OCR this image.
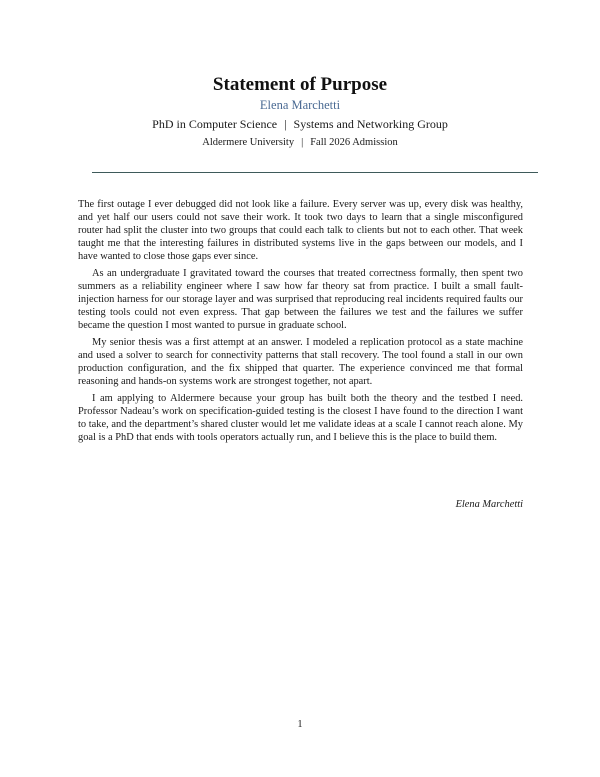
Statement of Purpose
Elena Marchetti
PhD in Computer Science | Systems and Networking Group
Aldermere University | Fall 2026 Admission

The first outage I ever debugged did not look like a failure. Every server was up, every disk was healthy, and yet half our users could not save their work. It took two days to learn that a single misconfigured router had split the cluster into two groups that could each talk to clients but not to each other. That week taught me that the interesting failures in distributed systems live in the gaps between our models, and I have wanted to close those gaps ever since.

As an undergraduate I gravitated toward the courses that treated correctness formally, then spent two summers as a reliability engineer where I saw how far theory sat from practice. I built a small fault-injection harness for our storage layer and was surprised that reproducing real incidents required faults our testing tools could not even express. That gap between the failures we test and the failures we suffer became the question I most wanted to pursue in graduate school.

My senior thesis was a first attempt at an answer. I modeled a replication protocol as a state machine and used a solver to search for connectivity patterns that stall recovery. The tool found a stall in our own production configuration, and the fix shipped that quarter. The experience convinced me that formal reasoning and hands-on systems work are strongest together, not apart.

I am applying to Aldermere because your group has built both the theory and the testbed I need. Professor Nadeau’s work on specification-guided testing is the closest I have found to the direction I want to take, and the department’s shared cluster would let me validate ideas at a scale I cannot reach alone. My goal is a PhD that ends with tools operators actually run, and I believe this is the place to build them.

Elena Marchetti
1
